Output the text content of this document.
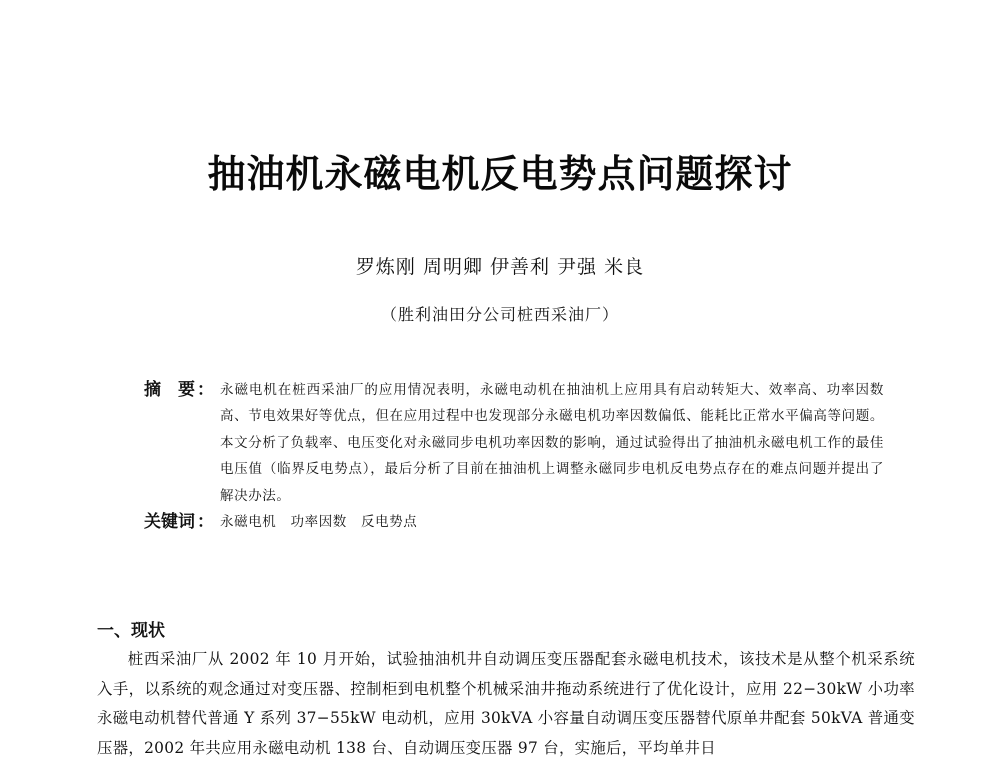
抽油机永磁电机反电势点问题探讨
罗炼刚 周明卿 伊善利 尹强 米良
（胜利油田分公司桩西采油厂）
摘　要 ： 永磁电机在桩西采油厂的应用情况表明，永磁电动机在抽油机上应用具有启动转矩大、效率高、功率因数高、节电效果好等优点，但在应用过程中也发现部分永磁电机功率因数偏低、能耗比正常水平偏高等问题。本文分析了负载率、电压变化对永磁同步电机功率因数的影响，通过试验得出了抽油机永磁电机工作的最佳电压值（临界反电势点），最后分析了目前在抽油机上调整永磁同步电机反电势点存在的难点问题并提出了解决办法。
关键词 ： 永磁电机　功率因数　反电势点
一、现状
桩西采油厂从 2002 年 10 月开始，试验抽油机井自动调压变压器配套永磁电机技术，该技术是从整个机采系统入手，以系统的观念通过对变压器、控制柜到电机整个机械采油井拖动系统进行了优化设计，应用 22−30kW 小功率永磁电动机替代普通 Y 系列 37−55kW 电动机，应用 30kVA 小容量自动调压变压器替代原单井配套 50kVA 普通变压器，2002 年共应用永磁电动机 138 台、自动调压变压器 97 台，实施后，平均单井日
